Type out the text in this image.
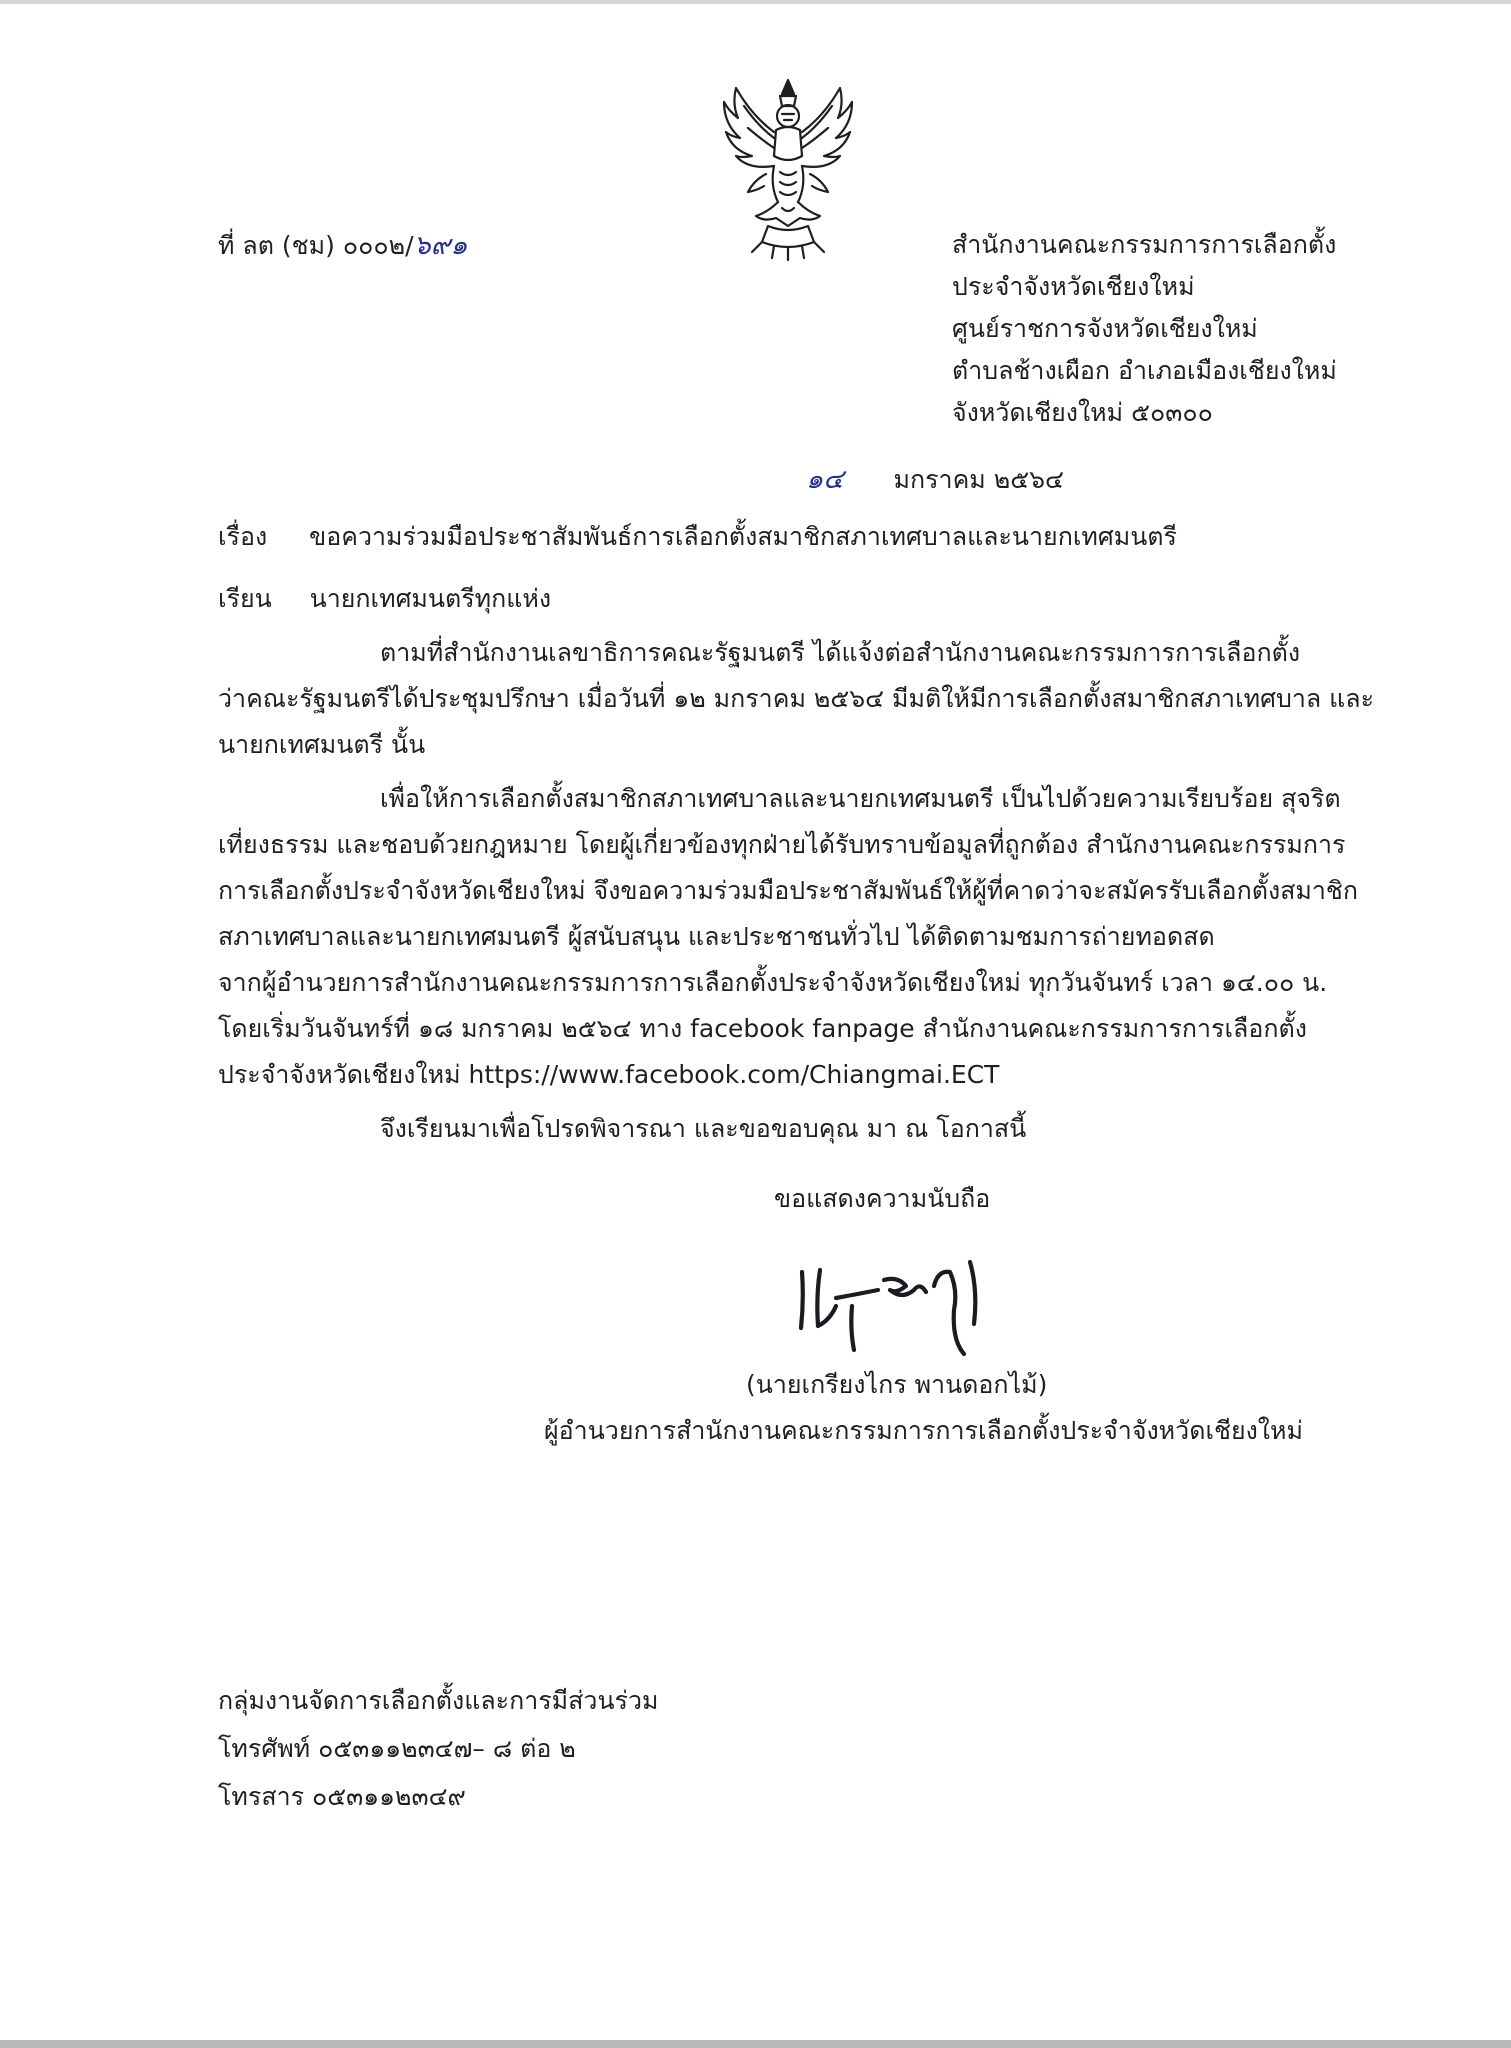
ที่ ลต (ชม) ๐๐๐๒/๖๙๑	สำนักงานคณะกรรมการการเลือกตั้ง
ประจำจังหวัดเชียงใหม่
ศูนย์ราชการจังหวัดเชียงใหม่
ตำบลช้างเผือก อำเภอเมืองเชียงใหม่
จังหวัดเชียงใหม่ ๕๐๓๐๐
๑๔ มกราคม ๒๕๖๔
เรื่อง ขอความร่วมมือประชาสัมพันธ์การเลือกตั้งสมาชิกสภาเทศบาลและนายกเทศมนตรี
เรียน นายกเทศมนตรีทุกแห่ง
ตามที่สำนักงานเลขาธิการคณะรัฐมนตรี ได้แจ้งต่อสำนักงานคณะกรรมการการเลือกตั้ง
ว่าคณะรัฐมนตรีได้ประชุมปรึกษา เมื่อวันที่ ๑๒ มกราคม ๒๕๖๔ มีมติให้มีการเลือกตั้งสมาชิกสภาเทศบาล และ
นายกเทศมนตรี นั้น
เพื่อให้การเลือกตั้งสมาชิกสภาเทศบาลและนายกเทศมนตรี เป็นไปด้วยความเรียบร้อย สุจริต
เที่ยงธรรม และชอบด้วยกฎหมาย โดยผู้เกี่ยวข้องทุกฝ่ายได้รับทราบข้อมูลที่ถูกต้อง สำนักงานคณะกรรมการ
การเลือกตั้งประจำจังหวัดเชียงใหม่ จึงขอความร่วมมือประชาสัมพันธ์ให้ผู้ที่คาดว่าจะสมัครรับเลือกตั้งสมาชิก
สภาเทศบาลและนายกเทศมนตรี ผู้สนับสนุน และประชาชนทั่วไป ได้ติดตามชมการถ่ายทอดสด
จากผู้อำนวยการสำนักงานคณะกรรมการการเลือกตั้งประจำจังหวัดเชียงใหม่ ทุกวันจันทร์ เวลา ๑๔.๐๐ น.
โดยเริ่มวันจันทร์ที่ ๑๘ มกราคม ๒๕๖๔ ทาง facebook fanpage สำนักงานคณะกรรมการการเลือกตั้ง
ประจำจังหวัดเชียงใหม่ https://www.facebook.com/Chiangmai.ECT
จึงเรียนมาเพื่อโปรดพิจารณา และขอขอบคุณ มา ณ โอกาสนี้
ขอแสดงความนับถือ
(นายเกรียงไกร พานดอกไม้)
ผู้อำนวยการสำนักงานคณะกรรมการการเลือกตั้งประจำจังหวัดเชียงใหม่
กลุ่มงานจัดการเลือกตั้งและการมีส่วนร่วม
โทรศัพท์ ๐๕๓๑๑๒๓๔๗– ๘ ต่อ ๒
โทรสาร ๐๕๓๑๑๒๓๔๙
